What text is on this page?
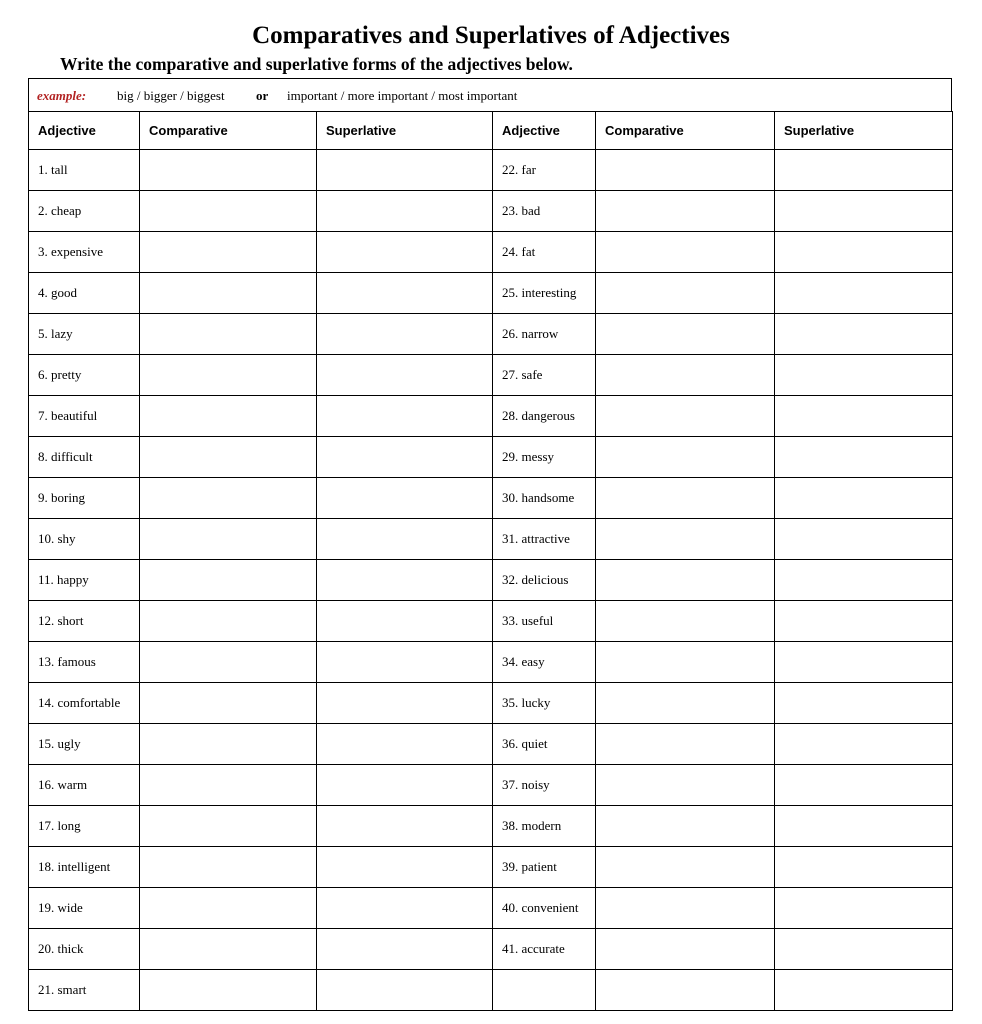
Comparatives and Superlatives of Adjectives
Write the comparative and superlative forms of the adjectives below.
example: big / bigger / biggest or important / more important / most important
Adjective	Comparative	Superlative	Adjective	Comparative	Superlative
1. tall			22. far		
2. cheap			23. bad		
3. expensive			24. fat		
4. good			25. interesting		
5. lazy			26. narrow		
6. pretty			27. safe		
7. beautiful			28. dangerous		
8. difficult			29. messy		
9. boring			30. handsome		
10. shy			31. attractive		
11. happy			32. delicious		
12. short			33. useful		
13. famous			34. easy		
14. comfortable			35. lucky		
15. ugly			36. quiet		
16. warm			37. noisy		
17. long			38. modern		
18. intelligent			39. patient		
19. wide			40. convenient		
20. thick			41. accurate		
21. smart					
